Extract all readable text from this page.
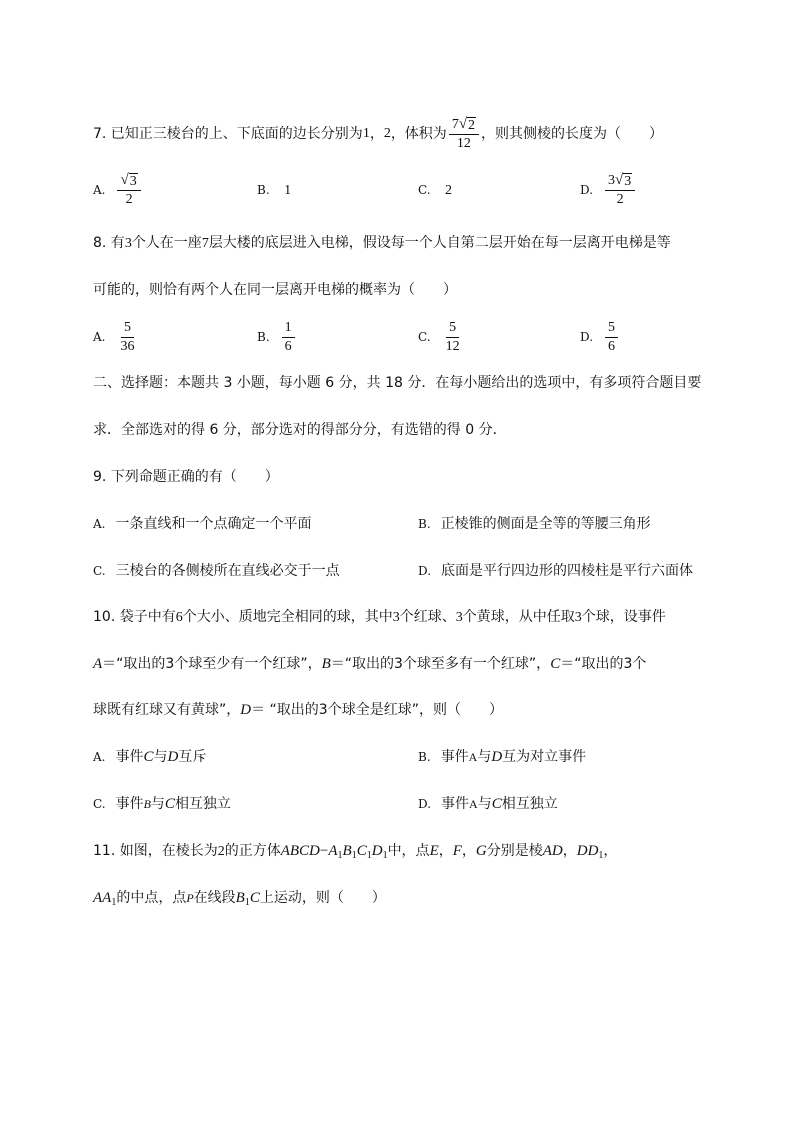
7. 已知正三棱台的上、下底面的边长分别为 1 ， 2 ，体积为 $\frac{7 √ 2}{12}$ ，则其侧棱的长度为（　　）
A. $\frac{√ 3}{2}$	B. 1	C. 2	D. $\frac{3 √ 3}{2}$
8. 有3个人在一座7层大楼的底层进入电梯，假设每一个人自第二层开始在每一层离开电梯是等
可能的，则恰有两个人在同一层离开电梯的概率为（　　）
A. $\frac{5}{36}$	B. $\frac{1}{6}$	C. $\frac{5}{12}$	D. $\frac{5}{6}$
二、选择题：本题共 3 小题，每小题 6 分，共 18 分．在每小题给出的选项中，有多项符合题目要
求．全部选对的得 6 分，部分选对的得部分分，有选错的得 0 分．
9. 下列命题正确的有（　　）
A. 一条直线和一个点确定一个平面	B. 正棱锥的侧面是全等的等腰三角形
C. 三棱台的各侧棱所在直线必交于一点	D. 底面是平行四边形的四棱柱是平行六面体
10. 袋子中有6个大小、质地完全相同的球，其中3个红球、3个黄球，从中任取3个球，设事件
A＝“取出的3个球至少有一个红球”，B＝“取出的3个球至多有一个红球”，C＝“取出的3个
球既有红球又有黄球”，D＝ “取出的3个球全是红球”，则（　　）
A. 事件C与D互斥	B. 事件A与D互为对立事件
C. 事件B与C相互独立	D. 事件A与C相互独立
11. 如图，在棱长为2的正方体$ABCD-A_1B_1C_1D_1$中，点E，F，G分别是棱AD，$DD_1$，
$AA_1$的中点，点P在线段$B_1C$上运动，则（　　）
